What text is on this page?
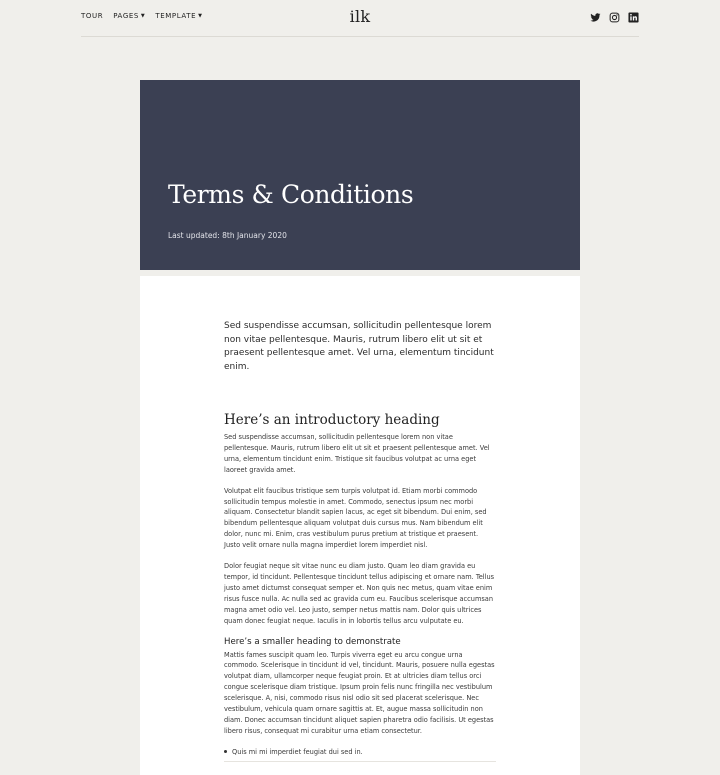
TOUR PAGES ▼ TEMPLATE ▼	ilk
Terms & Conditions
Last updated: 8th January 2020

Sed suspendisse accumsan, sollicitudin pellentesque lorem non vitae pellentesque. Mauris, rutrum libero elit ut sit et praesent pellentesque amet. Vel urna, elementum tincidunt enim.

Here’s an introductory heading

Sed suspendisse accumsan, sollicitudin pellentesque lorem non vitae pellentesque. Mauris, rutrum libero elit ut sit et praesent pellentesque amet. Vel urna, elementum tincidunt enim. Tristique sit faucibus volutpat ac urna eget laoreet gravida amet.

Volutpat elit faucibus tristique sem turpis volutpat id. Etiam morbi commodo sollicitudin tempus molestie in amet. Commodo, senectus ipsum nec morbi aliquam. Consectetur blandit sapien lacus, ac eget sit bibendum. Dui enim, sed bibendum pellentesque aliquam volutpat duis cursus mus. Nam bibendum elit dolor, nunc mi. Enim, cras vestibulum purus pretium at tristique et praesent. Justo velit ornare nulla magna imperdiet lorem imperdiet nisl.

Dolor feugiat neque sit vitae nunc eu diam justo. Quam leo diam gravida eu tempor, id tincidunt. Pellentesque tincidunt tellus adipiscing et ornare nam. Tellus justo amet dictumst consequat semper et. Non quis nec metus, quam vitae enim risus fusce nulla. Ac nulla sed ac gravida cum eu. Faucibus scelerisque accumsan magna amet odio vel. Leo justo, semper netus mattis nam. Dolor quis ultrices quam donec feugiat neque. Iaculis in in lobortis tellus arcu vulputate eu.

Here’s a smaller heading to demonstrate

Mattis fames suscipit quam leo. Turpis viverra eget eu arcu congue urna commodo. Scelerisque in tincidunt id vel, tincidunt. Mauris, posuere nulla egestas volutpat diam, ullamcorper neque feugiat proin. Et at ultricies diam tellus orci congue scelerisque diam tristique. Ipsum proin felis nunc fringilla nec vestibulum scelerisque. A, nisi, commodo risus nisl odio sit sed placerat scelerisque. Nec vestibulum, vehicula quam ornare sagittis at. Et, augue massa sollicitudin non diam. Donec accumsan tincidunt aliquet sapien pharetra odio facilisis. Ut egestas libero risus, consequat mi curabitur urna etiam consectetur.

Quis mi mi imperdiet feugiat dui sed in.
